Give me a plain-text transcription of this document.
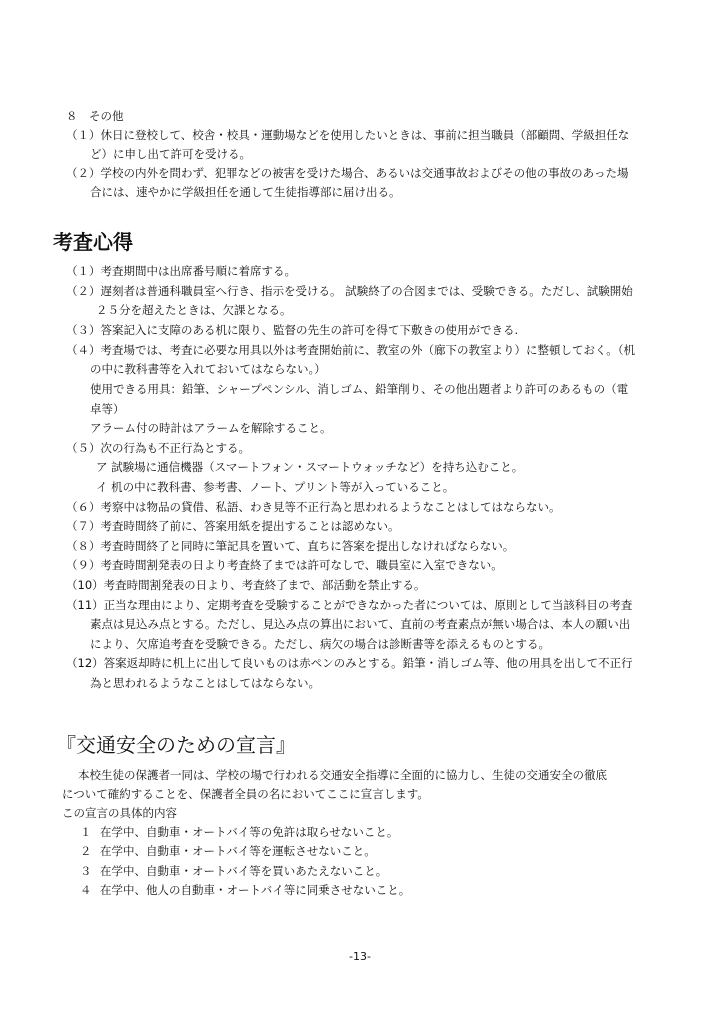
８　その他
（１）休日に登校して、校舎・校具・運動場などを使用したいときは、事前に担当職員（部顧問、学級担任な
ど）に申し出て許可を受ける。
（２）学校の内外を問わず、犯罪などの被害を受けた場合、あるいは交通事故およびその他の事故のあった場
合には、速やかに学級担任を通して生徒指導部に届け出る。
考査心得
（１）考査期間中は出席番号順に着席する。
（２）遅刻者は普通科職員室へ行き、指示を受ける。 試験終了の合図までは、受験できる。ただし、試験開始
２５分を超えたときは、欠課となる。
（３）答案記入に支障のある机に限り、監督の先生の許可を得て下敷きの使用ができる.
（４）考査場では、考査に必要な用具以外は考査開始前に、教室の外（廊下の教室より）に整頓しておく。（机
の中に教科書等を入れておいてはならない。）
使用できる用具：鉛筆、シャープペンシル、消しゴム、鉛筆削り、その他出題者より許可のあるもの（電
卓等）
アラーム付の時計はアラームを解除すること。
（５）次の行為も不正行為とする。
ア 試験場に通信機器（スマートフォン・スマートウォッチなど）を持ち込むこと。
イ 机の中に教科書、参考書、ノート、プリント等が入っていること。
（６）考察中は物品の貸借、私語、わき見等不正行為と思われるようなことはしてはならない。
（７）考査時間終了前に、答案用紙を提出することは認めない。
（８）考査時間終了と同時に筆記具を置いて、直ちに答案を提出しなければならない。
（９）考査時間割発表の日より考査終了までは許可なしで、職員室に入室できない。
（10）考査時間割発表の日より、考査終了まで、部活動を禁止する。
（11）正当な理由により、定期考査を受験することができなかった者については、原則として当該科目の考査
素点は見込み点とする。ただし、見込み点の算出において、直前の考査素点が無い場合は、本人の願い出
により、欠席追考査を受験できる。ただし、病欠の場合は診断書等を添えるものとする。
（12）答案返却時に机上に出して良いものは赤ペンのみとする。鉛筆・消しゴム等、他の用具を出して不正行
為と思われるようなことはしてはならない。
『交通安全のための宣言』
本校生徒の保護者一同は、学校の場で行われる交通安全指導に全面的に協力し、生徒の交通安全の徹底
について確約することを、保護者全員の名においてここに宣言します。
この宣言の具体的内容
１ 在学中、自動車・オートバイ等の免許は取らせないこと。
２ 在学中、自動車・オートバイ等を運転させないこと。
３ 在学中、自動車・オートバイ等を買いあたえないこと。
４ 在学中、他人の自動車・オートバイ等に同乗させないこと。
-13-
